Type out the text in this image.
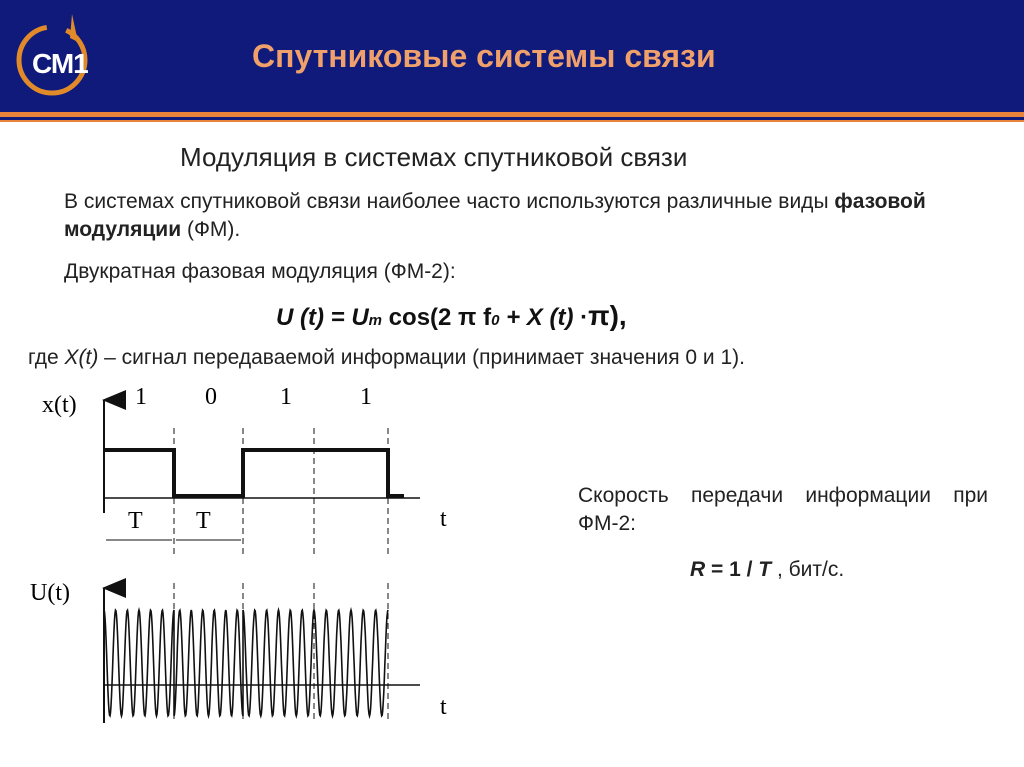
СМ1	Спутниковые системы связи
Модуляция в системах спутниковой связи
В системах спутниковой связи наиболее часто используются различные виды фазовой модуляции (ФМ).
Двукратная фазовая модуляция (ФМ-2):
U (t) = Um cos(2 π f0 + X (t) ·π),
где X(t) – сигнал передаваемой информации (принимает значения 0 и 1).
Скорость передачи информации при ФМ-2:
R = 1 / T , бит/с.
x(t)
t
1 0	1	1
T T
U(t)
t
